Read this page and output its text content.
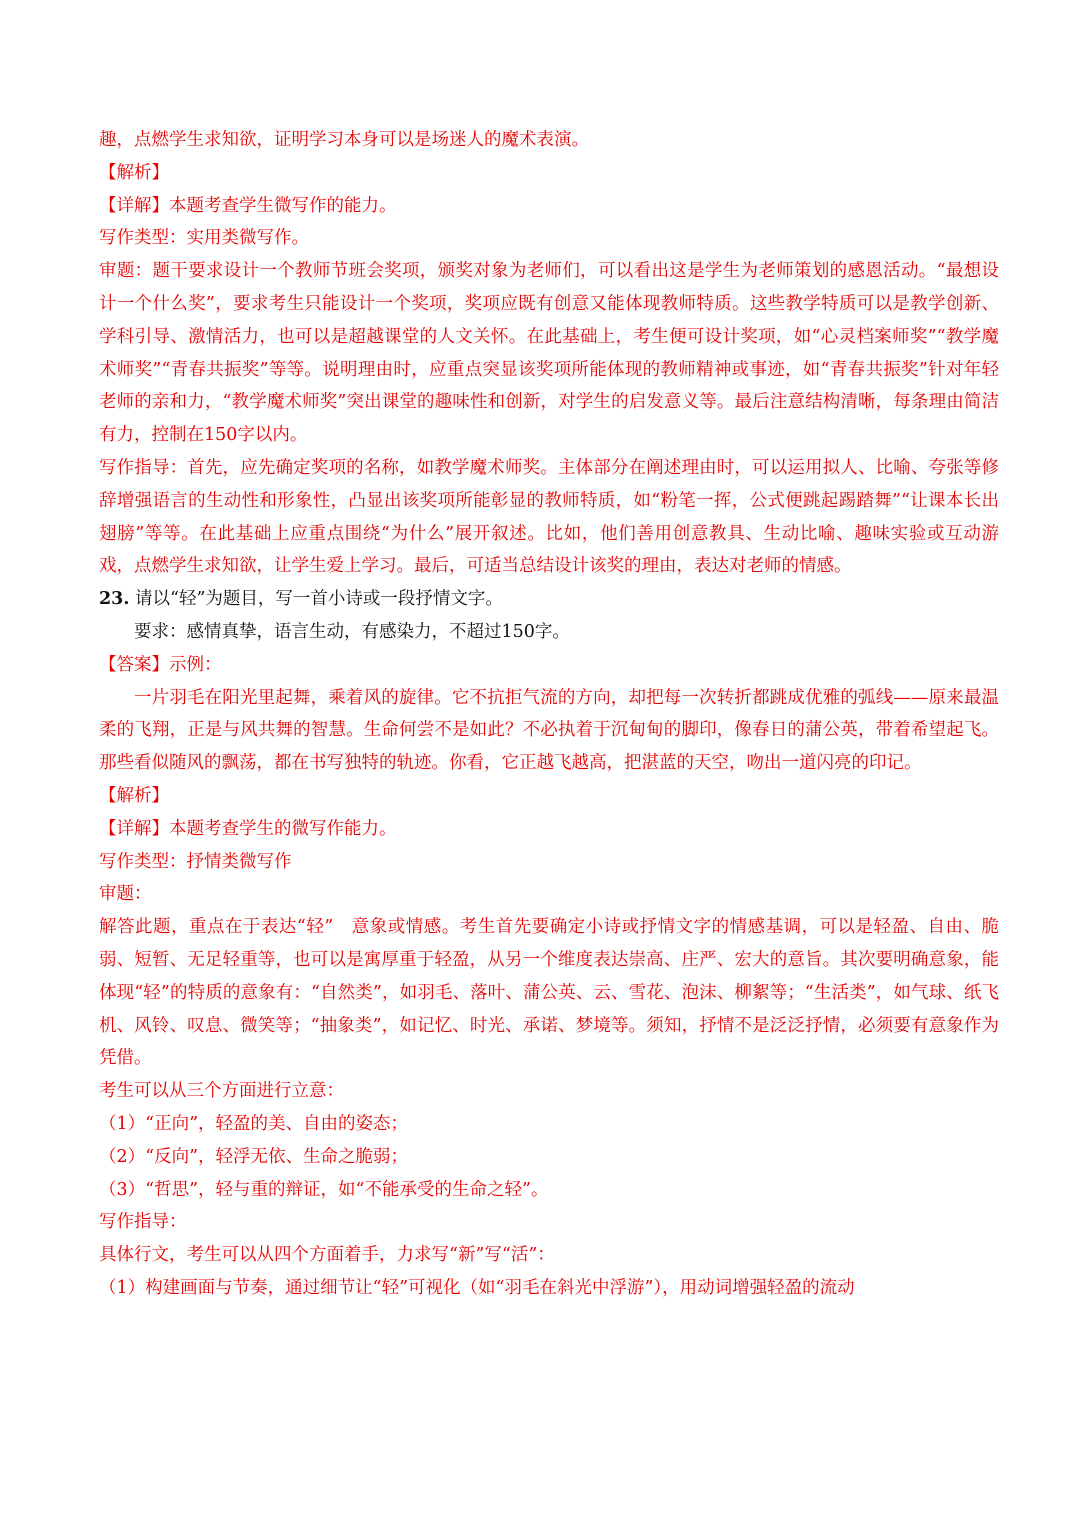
趣，点燃学生求知欲，证明学习本身可以是场迷人的魔术表演。

【解析】

【详解】本题考查学生微写作的能力。

写作类型：实用类微写作。

审题：题干要求设计一个教师节班会奖项，颁奖对象为老师们，可以看出这是学生为老师策划的感恩活动。“最想设计一个什么奖”，要求考生只能设计一个奖项，奖项应既有创意又能体现教师特质。这些教学特质可以是教学创新、学科引导、激情活力，也可以是超越课堂的人文关怀。在此基础上，考生便可设计奖项，如“心灵档案师奖”“教学魔术师奖”“青春共振奖”等等。说明理由时，应重点突显该奖项所能体现的教师精神或事迹，如“青春共振奖”针对年轻老师的亲和力，“教学魔术师奖”突出课堂的趣味性和创新，对学生的启发意义等。最后注意结构清晰，每条理由简洁有力，控制在150字以内。

写作指导：首先，应先确定奖项的名称，如教学魔术师奖。主体部分在阐述理由时，可以运用拟人、比喻、夸张等修辞增强语言的生动性和形象性，凸显出该奖项所能彰显的教师特质，如“粉笔一挥，公式便跳起踢踏舞”“让课本长出翅膀”等等。在此基础上应重点围绕“为什么”展开叙述。比如，他们善用创意教具、生动比喻、趣味实验或互动游戏，点燃学生求知欲，让学生爱上学习。最后，可适当总结设计该奖的理由，表达对老师的情感。

23. 请以“轻”为题目，写一首小诗或一段抒情文字。

要求：感情真挚，语言生动，有感染力，不超过150字。

【答案】示例：

一片羽毛在阳光里起舞，乘着风的旋律。它不抗拒气流的方向，却把每一次转折都跳成优雅的弧线——原来最温柔的飞翔，正是与风共舞的智慧。生命何尝不是如此？不必执着于沉甸甸的脚印，像春日的蒲公英，带着希望起飞。那些看似随风的飘荡，都在书写独特的轨迹。你看，它正越飞越高，把湛蓝的天空，吻出一道闪亮的印记。

【解析】

【详解】本题考查学生的微写作能力。

写作类型：抒情类微写作

审题：

解答此题，重点在于表达“轻”　意象或情感。考生首先要确定小诗或抒情文字的情感基调，可以是轻盈、自由、脆弱、短暂、无足轻重等，也可以是寓厚重于轻盈，从另一个维度表达崇高、庄严、宏大的意旨。其次要明确意象，能体现“轻”的特质的意象有：“自然类”，如羽毛、落叶、蒲公英、云、雪花、泡沫、柳絮等；“生活类”，如气球、纸飞机、风铃、叹息、微笑等；“抽象类”，如记忆、时光、承诺、梦境等。须知，抒情不是泛泛抒情，必须要有意象作为凭借。

考生可以从三个方面进行立意：

（1）“正向”，轻盈的美、自由的姿态；

（2）“反向”，轻浮无依、生命之脆弱；

（3）“哲思”，轻与重的辩证，如“不能承受的生命之轻”。

写作指导：

具体行文，考生可以从四个方面着手，力求写“新”写“活”：

（1）构建画面与节奏，通过细节让“轻”可视化（如“羽毛在斜光中浮游”），用动词增强轻盈的流动
